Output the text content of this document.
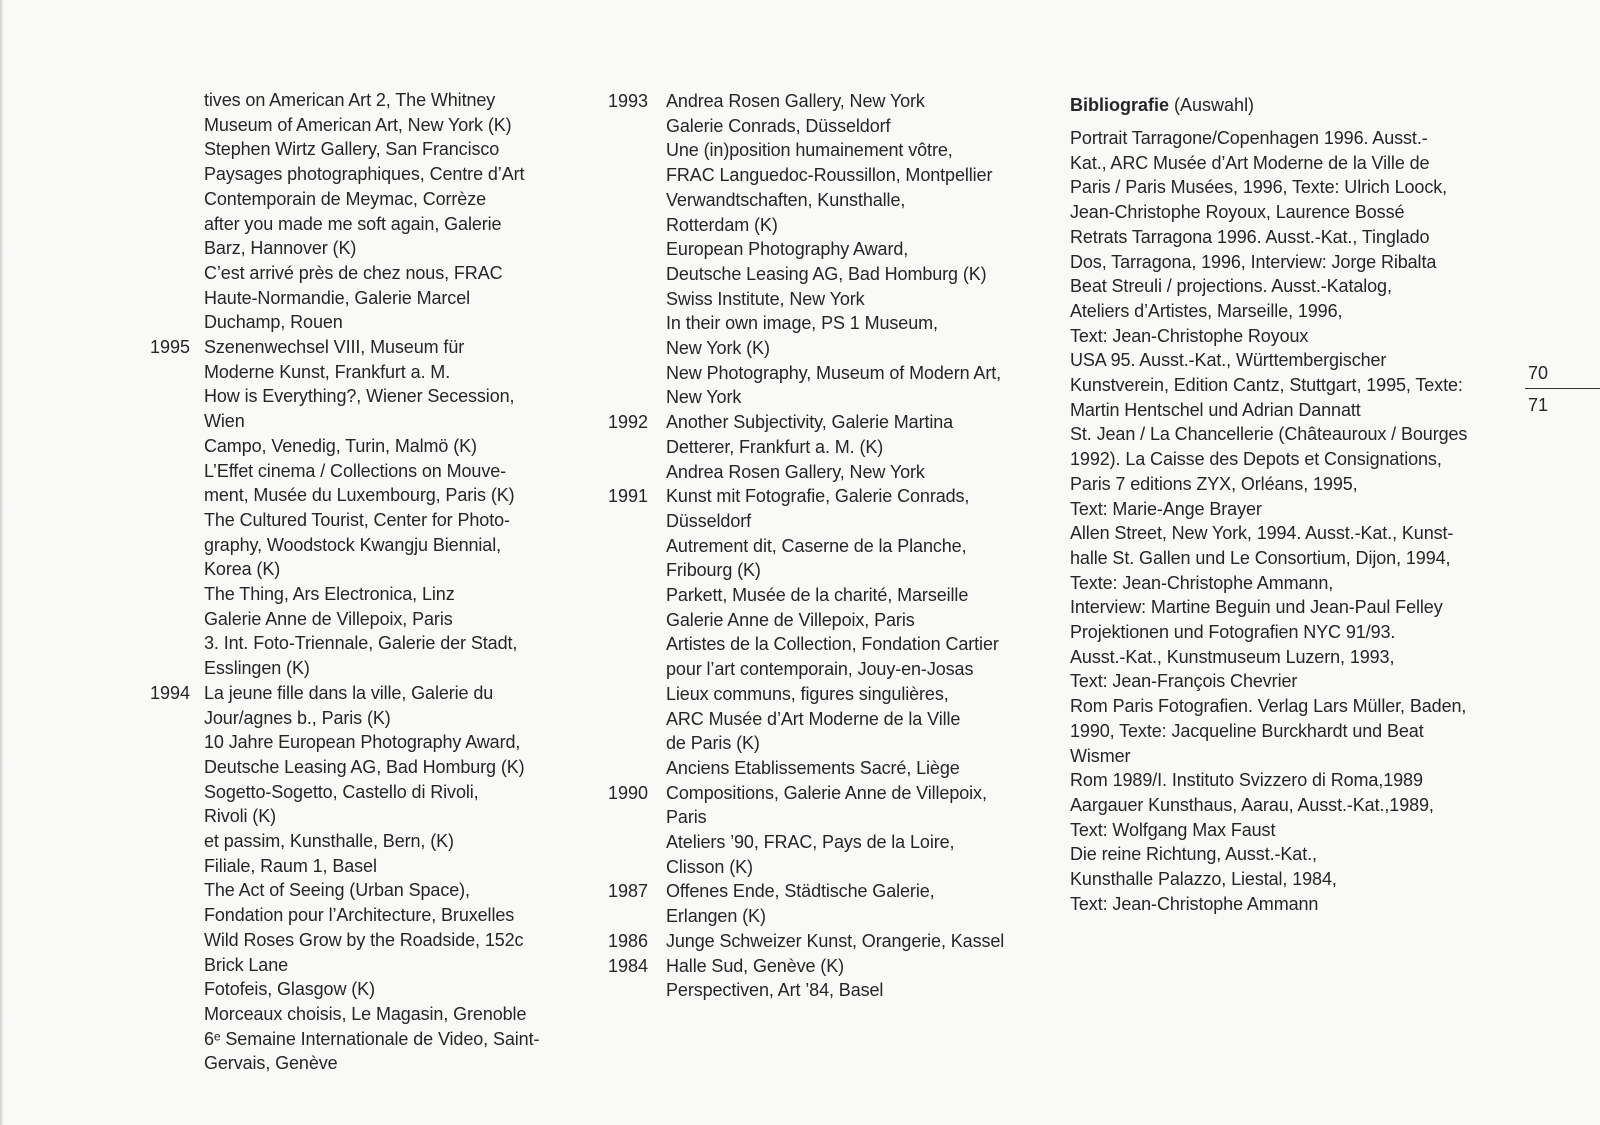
tives on American Art 2, The Whitney
Museum of American Art, New York (K)
Stephen Wirtz Gallery, San Francisco
Paysages photographiques, Centre d’Art
Contemporain de Meymac, Corrèze
after you made me soft again, Galerie
Barz, Hannover (K)
C’est arrivé près de chez nous, FRAC
Haute-Normandie, Galerie Marcel
Duchamp, Rouen
1995 Szenenwechsel VIII, Museum für
Moderne Kunst, Frankfurt a. M.
How is Everything?, Wiener Secession,
Wien
Campo, Venedig, Turin, Malmö (K)
L’Effet cinema / Collections on Mouve-
ment, Musée du Luxembourg, Paris (K)
The Cultured Tourist, Center for Photo-
graphy, Woodstock Kwangju Biennial,
Korea (K)
The Thing, Ars Electronica, Linz
Galerie Anne de Villepoix, Paris
3. Int. Foto-Triennale, Galerie der Stadt,
Esslingen (K)
1994 La jeune fille dans la ville, Galerie du
Jour/agnes b., Paris (K)
10 Jahre European Photography Award,
Deutsche Leasing AG, Bad Homburg (K)
Sogetto-Sogetto, Castello di Rivoli,
Rivoli (K)
et passim, Kunsthalle, Bern, (K)
Filiale, Raum 1, Basel
The Act of Seeing (Urban Space),
Fondation pour l’Architecture, Bruxelles
Wild Roses Grow by the Roadside, 152c
Brick Lane
Fotofeis, Glasgow (K)
Morceaux choisis, Le Magasin, Grenoble
6ᵉ Semaine Internationale de Video, Saint-
Gervais, Genève
1993 Andrea Rosen Gallery, New York
Galerie Conrads, Düsseldorf
Une (in)position humainement vôtre,
FRAC Languedoc-Roussillon, Montpellier
Verwandtschaften, Kunsthalle,
Rotterdam (K)
European Photography Award,
Deutsche Leasing AG, Bad Homburg (K)
Swiss Institute, New York
In their own image, PS 1 Museum,
New York (K)
New Photography, Museum of Modern Art,
New York
1992 Another Subjectivity, Galerie Martina
Detterer, Frankfurt a. M. (K)
Andrea Rosen Gallery, New York
1991 Kunst mit Fotografie, Galerie Conrads,
Düsseldorf
Autrement dit, Caserne de la Planche,
Fribourg (K)
Parkett, Musée de la charité, Marseille
Galerie Anne de Villepoix, Paris
Artistes de la Collection, Fondation Cartier
pour l’art contemporain, Jouy-en-Josas
Lieux communs, figures singulières,
ARC Musée d’Art Moderne de la Ville
de Paris (K)
Anciens Etablissements Sacré, Liège
1990 Compositions, Galerie Anne de Villepoix,
Paris
Ateliers ’90, FRAC, Pays de la Loire,
Clisson (K)
1987 Offenes Ende, Städtische Galerie,
Erlangen (K)
1986 Junge Schweizer Kunst, Orangerie, Kassel
1984 Halle Sud, Genève (K)
Perspectiven, Art ’84, Basel
Bibliografie (Auswahl)
Portrait Tarragone/Copenhagen 1996. Ausst.-
Kat., ARC Musée d’Art Moderne de la Ville de
Paris / Paris Musées, 1996, Texte: Ulrich Loock,
Jean-Christophe Royoux, Laurence Bossé
Retrats Tarragona 1996. Ausst.-Kat., Tinglado
Dos, Tarragona, 1996, Interview: Jorge Ribalta
Beat Streuli / projections. Ausst.-Katalog,
Ateliers d’Artistes, Marseille, 1996,
Text: Jean-Christophe Royoux
USA 95. Ausst.-Kat., Württembergischer
Kunstverein, Edition Cantz, Stuttgart, 1995, Texte:
Martin Hentschel und Adrian Dannatt
St. Jean / La Chancellerie (Châteauroux / Bourges
1992). La Caisse des Depots et Consignations,
Paris 7 editions ZYX, Orléans, 1995,
Text: Marie-Ange Brayer
Allen Street, New York, 1994. Ausst.-Kat., Kunst-
halle St. Gallen und Le Consortium, Dijon, 1994,
Texte: Jean-Christophe Ammann,
Interview: Martine Beguin und Jean-Paul Felley
Projektionen und Fotografien NYC 91/93.
Ausst.-Kat., Kunstmuseum Luzern, 1993,
Text: Jean-François Chevrier
Rom Paris Fotografien. Verlag Lars Müller, Baden,
1990, Texte: Jacqueline Burckhardt und Beat
Wismer
Rom 1989/I. Instituto Svizzero di Roma,1989
Aargauer Kunsthaus, Aarau, Ausst.-Kat.,1989,
Text: Wolfgang Max Faust
Die reine Richtung, Ausst.-Kat.,
Kunsthalle Palazzo, Liestal, 1984,
Text: Jean-Christophe Ammann
70
71
